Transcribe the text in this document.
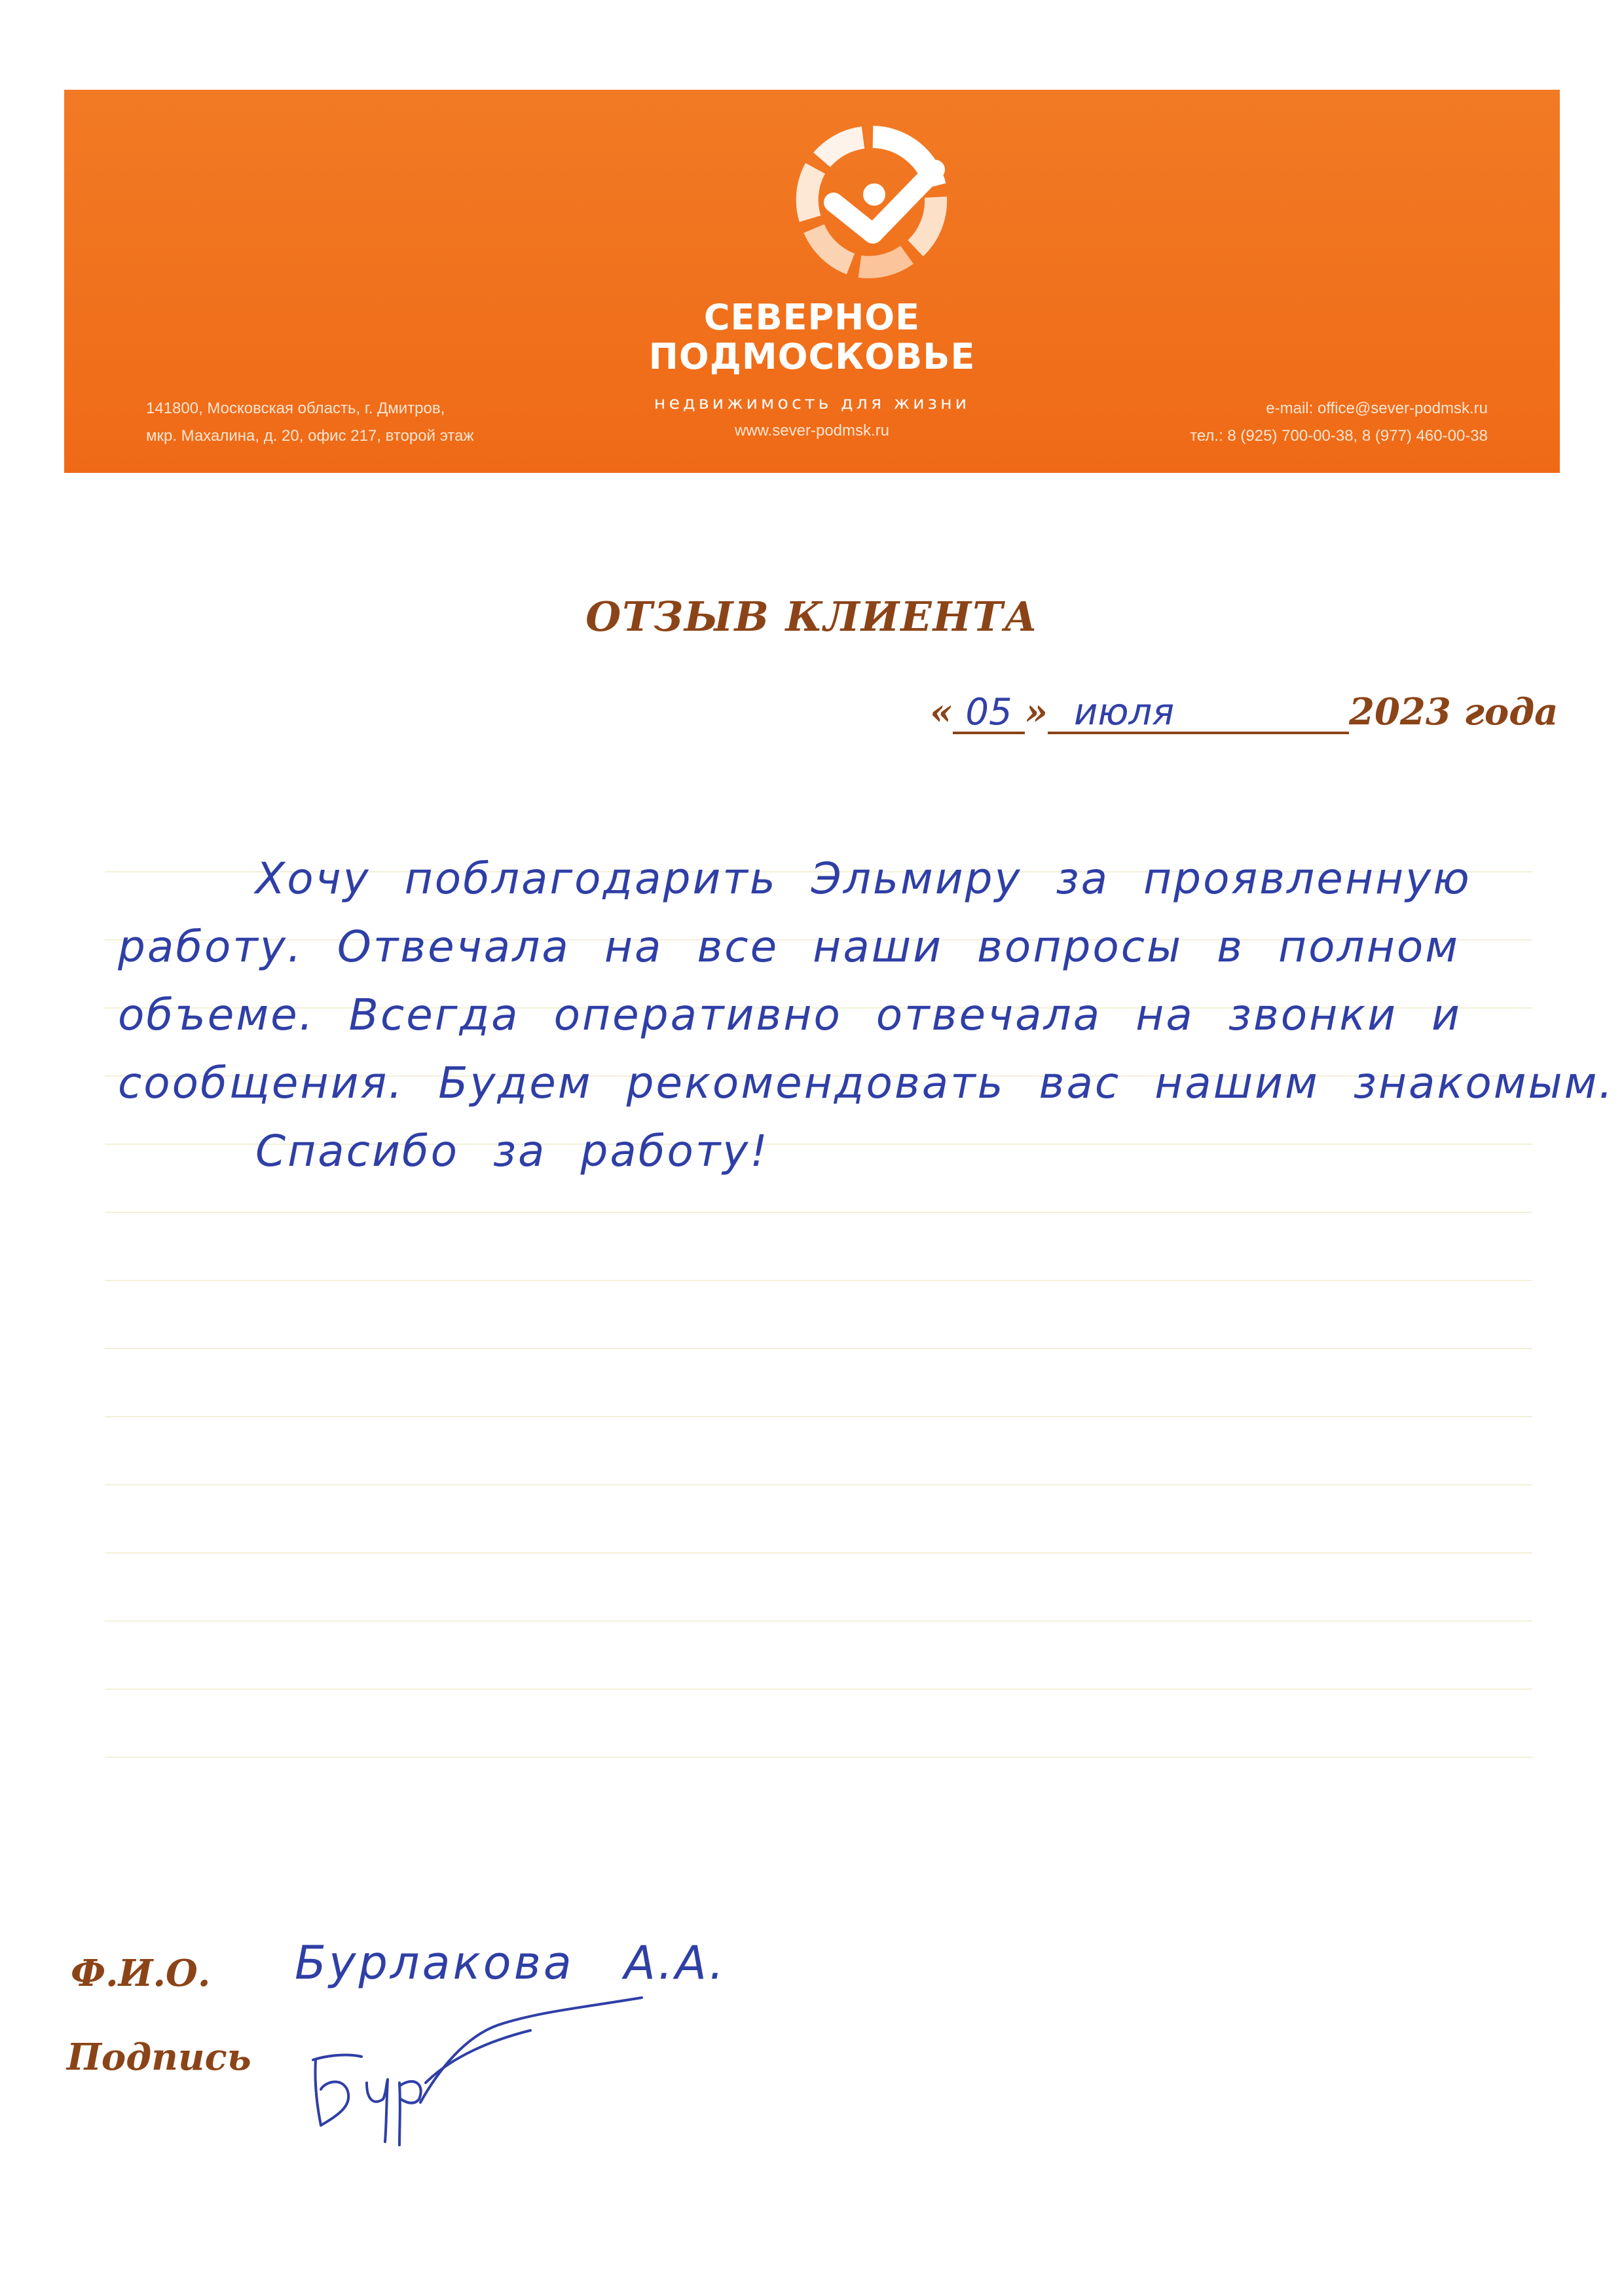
СЕВЕРНОЕ
ПОДМОСКОВЬЕ
недвижимость для жизни
www.sever-podmsk.ru
141800, Московская область, г. Дмитров,
мкр. Махалина, д. 20, офис 217, второй этаж
e-mail: office@sever-podmsk.ru
тел.: 8 (925) 700-00-38, 8 (977) 460-00-38
ОТЗЫВ КЛИЕНТА
« 05 » июля	2023 года
Хочу поблагодарить Эльмиру за проявленную
работу. Отвечала на все наши вопросы в полном
объеме. Всегда оперативно отвечала на звонки и
сообщения. Будем рекомендовать вас нашим знакомым.
Спасибо за работу!
Ф.И.О. Бурлакова А.А.
Подпись
